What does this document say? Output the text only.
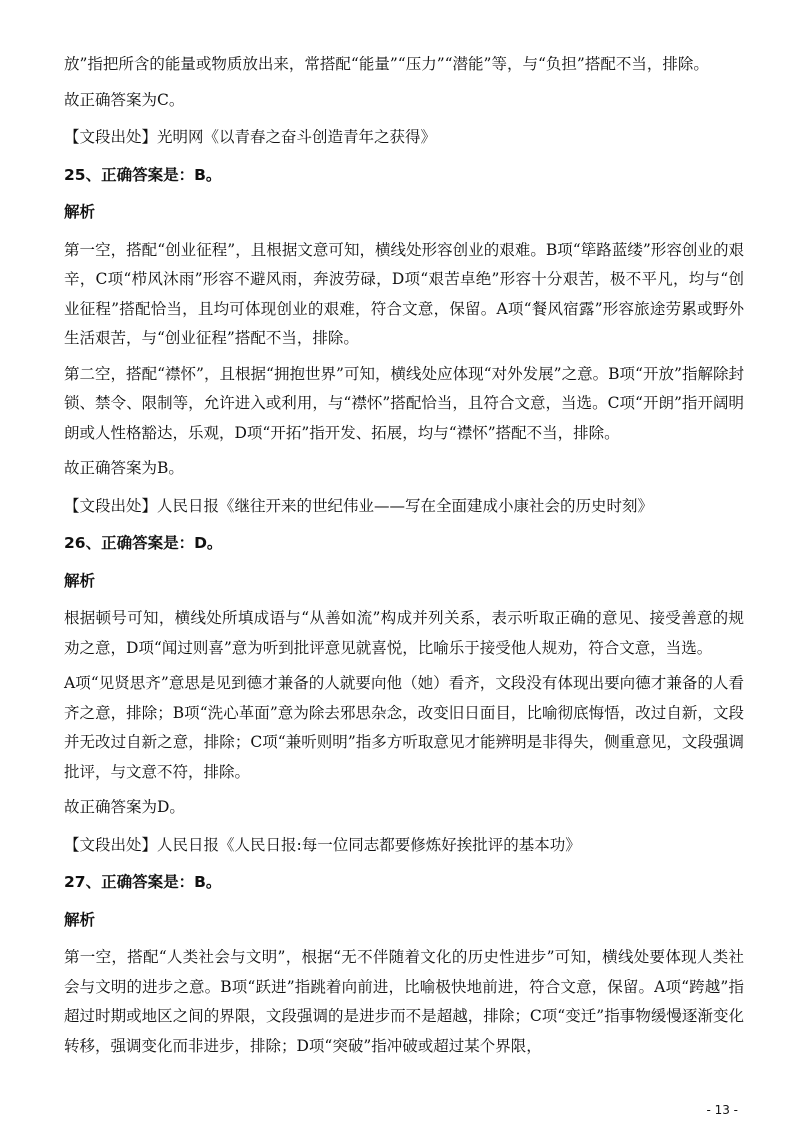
放”指把所含的能量或物质放出来，常搭配“能量”“压力”“潜能”等，与“负担”搭配不当，排除。

故正确答案为C。

【文段出处】光明网《以青春之奋斗创造青年之获得》

25、正确答案是：B。

解析

第一空，搭配“创业征程”，且根据文意可知，横线处形容创业的艰难。B项“筚路蓝缕”形容创业的艰辛，C项“栉风沐雨”形容不避风雨，奔波劳碌，D项“艰苦卓绝”形容十分艰苦，极不平凡，均与“创业征程”搭配恰当，且均可体现创业的艰难，符合文意，保留。A项“餐风宿露”形容旅途劳累或野外生活艰苦，与“创业征程”搭配不当，排除。

第二空，搭配“襟怀”，且根据“拥抱世界”可知，横线处应体现“对外发展”之意。B项“开放”指解除封锁、禁令、限制等，允许进入或利用，与“襟怀”搭配恰当，且符合文意，当选。C项“开朗”指开阔明朗或人性格豁达，乐观，D项“开拓”指开发、拓展，均与“襟怀”搭配不当，排除。

故正确答案为B。

【文段出处】人民日报《继往开来的世纪伟业——写在全面建成小康社会的历史时刻》

26、正确答案是：D。

解析

根据顿号可知，横线处所填成语与“从善如流”构成并列关系，表示听取正确的意见、接受善意的规劝之意，D项“闻过则喜”意为听到批评意见就喜悦，比喻乐于接受他人规劝，符合文意，当选。

A项“见贤思齐”意思是见到德才兼备的人就要向他（她）看齐，文段没有体现出要向德才兼备的人看齐之意，排除；B项“洗心革面”意为除去邪思杂念，改变旧日面目，比喻彻底悔悟，改过自新，文段并无改过自新之意，排除；C项“兼听则明”指多方听取意见才能辨明是非得失，侧重意见，文段强调批评，与文意不符，排除。

故正确答案为D。

【文段出处】人民日报《人民日报:每一位同志都要修炼好挨批评的基本功》

27、正确答案是：B。

解析

第一空，搭配“人类社会与文明”，根据“无不伴随着文化的历史性进步”可知，横线处要体现人类社会与文明的进步之意。B项“跃进”指跳着向前进，比喻极快地前进，符合文意，保留。A项“跨越”指超过时期或地区之间的界限，文段强调的是进步而不是超越，排除；C项“变迁”指事物缓慢逐渐变化转移，强调变化而非进步，排除；D项“突破”指冲破或超过某个界限，

- 13 -
